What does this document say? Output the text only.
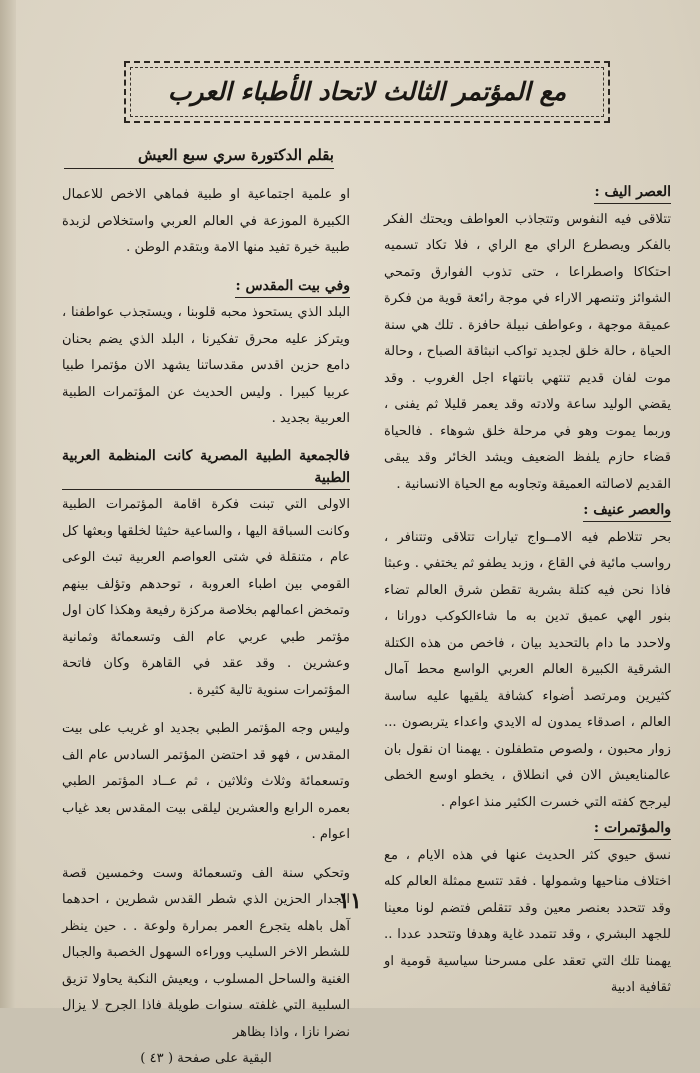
مع المؤتمر الثالث لاتحاد الأطباء العرب
بقلم الدكتورة سري سبع العيش
العصر اليف :

تتلاقى فيه النفوس وتتجاذب العواطف ويحتك الفكر بالفكر ويصطرع الراي مع الراي ، فلا تكاد تسميه احتكاكا واصطراعا ، حتى تذوب الفوارق وتمحي الشوائز وتنصهر الاراء في موجة رائعة قوية من فكرة عميقة موجهة ، وعواطف نبيلة حافزة . تلك هي سنة الحياة ، حالة خلق لجديد تواكب انبثاقة الصباح ، وحالة موت لفان قديم تنتهي بانتهاء اجل الغروب . وقد يقضي الوليد ساعة ولادته وقد يعمر قليلا ثم يفنى ، وربما يموت وهو في مرحلة خلق شوهاء . فالحياة قضاء حازم يلفظ الضعيف ويشد الخائر وقد يبقى القديم لاصالته العميقة وتجاوبه مع الحياة الانسانية .

والعصر عنيف :

بحر تتلاطم فيه الامــواج تيارات تتلاقى وتتنافر ، رواسب مائية في القاع ، وزبد يطفو ثم يختفي . وعبثا فاذا نحن فيه كتلة بشرية تقطن شرق العالم تضاء بنور الهي عميق تدين به ما شاءالكوكب دورانا ، ولاحدد ما دام بالتحديد بيان ، فاخص من هذه الكتلة الشرقية الكبيرة العالم العربي الواسع محط آمال كثيرين ومرتصد أضواء كشافة يلقيها عليه ساسة العالم ، اصدقاء يمدون له الايدي واعداء يتربصون ... زوار محبون ، ولصوص متطفلون . يهمنا ان نقول بان عالمنايعيش الان في انطلاق ، يخطو اوسع الخطى ليرجح كفته التي خسرت الكثير منذ اعوام .

والمؤتمرات :

نسق حيوي كثر الحديث عنها في هذه الايام ، مع اختلاف مناحيها وشمولها . فقد تتسع ممثلة العالم كله وقد تتحدد بعنصر معين وقد تتقلص فتضم لونا معينا للجهد البشري ، وقد تتمدد غاية وهدفا وتتحدد عددا .. يهمنا تلك التي تعقد على مسرحنا سياسية قومية او ثقافية ادبية

او علمية اجتماعية او طبية فماهي الاخص للاعمال الكبيرة الموزعة في العالم العربي واستخلاص لزبدة طبية خيرة تفيد منها الامة وبتقدم الوطن .

وفي بيت المقدس :

البلد الذي يستحوذ محبه قلوبنا ، ويستجذب عواطفنا ، ويتركز عليه محرق تفكيرنا ، البلد الذي يضم بحنان دامع حزين اقدس مقدساتنا يشهد الان مؤتمرا طبيا عربيا كبيرا . وليس الحديث عن المؤتمرات الطبية العربية بجديد .

فالجمعية الطبية المصرية كانت المنظمة العربية الطبية

الاولى التي تبنت فكرة اقامة المؤتمرات الطبية وكانت السباقة اليها ، والساعية حثيثا لخلقها وبعثها كل عام ، متنقلة في شتى العواصم العربية تبث الوعى القومي بين اطباء العروبة ، توحدهم وتؤلف بينهم وتمخض اعمالهم بخلاصة مركزة رفيعة وهكذا كان اول مؤتمر طبي عربي عام الف وتسعمائة وثمانية وعشرين . وقد عقد في القاهرة وكان فاتحة المؤتمرات سنوية تالية كثيرة .

وليس وجه المؤتمر الطبي بجديد او غريب على بيت المقدس ، فهو قد احتضن المؤتمر السادس عام الف وتسعمائة وثلاث وثلاثين ، ثم عــاد المؤتمر الطبي بعمره الرابع والعشرين ليلقى بيت المقدس بعد غياب اعوام .

وتحكي سنة الف وتسعمائة وست وخمسين قصة الجدار الحزين الذي شطر القدس شطرين ، احدهما آهل باهله يتجرع العمر بمرارة ولوعة . . حين ينظر للشطر الاخر السليب ووراءه السهول الخصبة والجبال الغنية والساحل المسلوب ، ويعيش النكبة يحاولا تزيق السلبية التي غلفته سنوات طويلة فاذا الجرح لا يزال نضرا نازا ، واذا بظاهر

البقية على صفحة ( ٤٣ )

١١
